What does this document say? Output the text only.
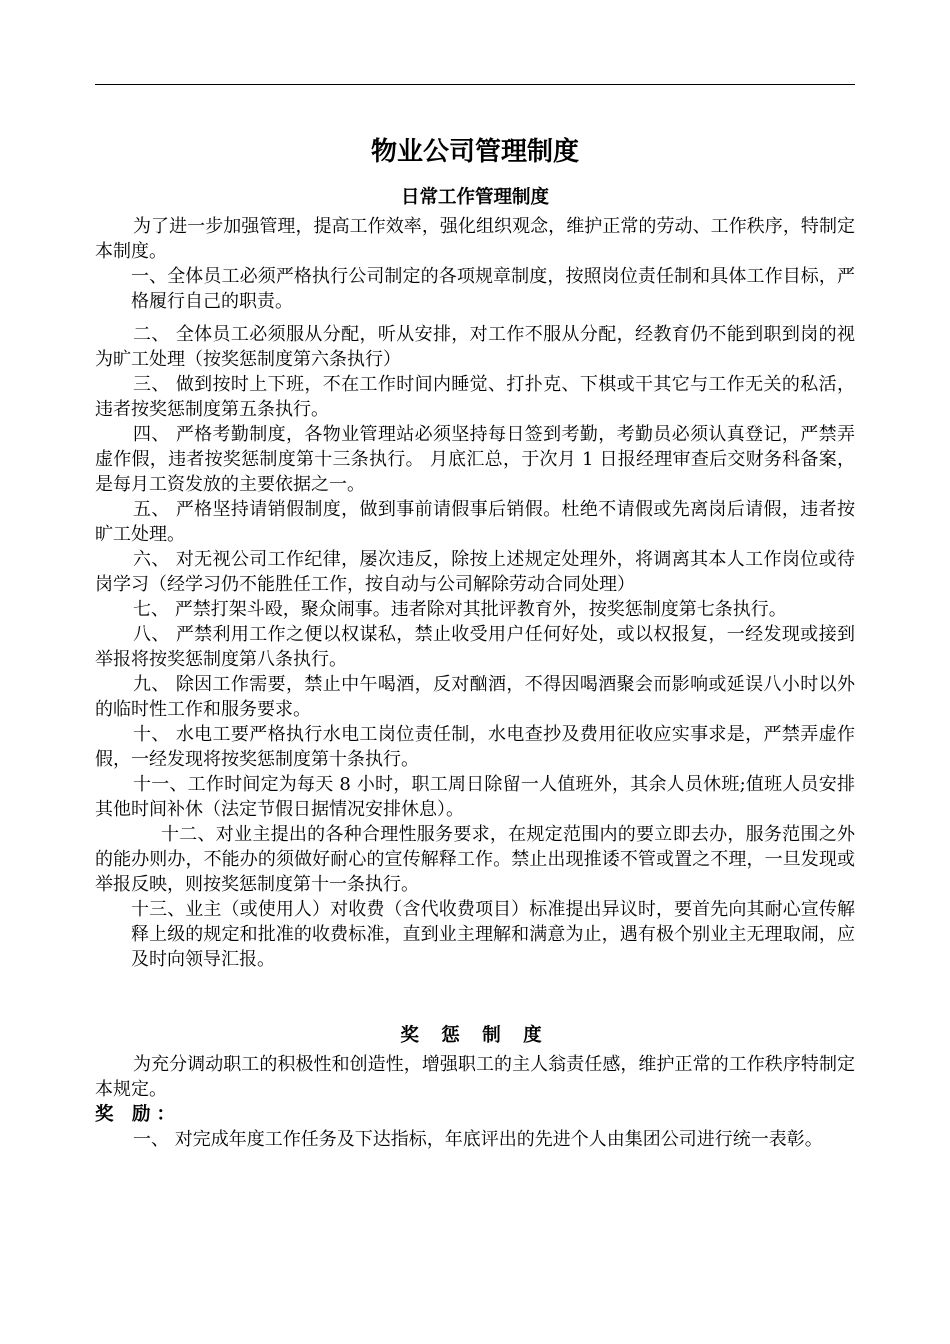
物业公司管理制度
日常工作管理制度

为了进一步加强管理，提高工作效率，强化组织观念，维护正常的劳动、工作秩序，特制定本制度。

一、全体员工必须严格执行公司制定的各项规章制度，按照岗位责任制和具体工作目标，严格履行自己的职责。

二、 全体员工必须服从分配，听从安排，对工作不服从分配，经教育仍不能到职到岗的视为旷工处理（按奖惩制度第六条执行）

三、 做到按时上下班，不在工作时间内睡觉、打扑克、下棋或干其它与工作无关的私活，违者按奖惩制度第五条执行。

四、 严格考勤制度，各物业管理站必须坚持每日签到考勤，考勤员必须认真登记，严禁弄虚作假，违者按奖惩制度第十三条执行。 月底汇总，于次月 1 日报经理审查后交财务科备案，是每月工资发放的主要依据之一。

五、 严格坚持请销假制度，做到事前请假事后销假。杜绝不请假或先离岗后请假，违者按旷工处理。

六、 对无视公司工作纪律，屡次违反，除按上述规定处理外，将调离其本人工作岗位或待岗学习（经学习仍不能胜任工作，按自动与公司解除劳动合同处理）

七、 严禁打架斗殴，聚众闹事。违者除对其批评教育外，按奖惩制度第七条执行。

八、 严禁利用工作之便以权谋私，禁止收受用户任何好处，或以权报复，一经发现或接到举报将按奖惩制度第八条执行。

九、 除因工作需要，禁止中午喝酒，反对酗酒，不得因喝酒聚会而影响或延误八小时以外的临时性工作和服务要求。

十、 水电工要严格执行水电工岗位责任制，水电查抄及费用征收应实事求是，严禁弄虚作假，一经发现将按奖惩制度第十条执行。

十一、工作时间定为每天 8 小时，职工周日除留一人值班外，其余人员休班;值班人员安排其他时间补休（法定节假日据情况安排休息）。

十二、对业主提出的各种合理性服务要求，在规定范围内的要立即去办，服务范围之外的能办则办，不能办的须做好耐心的宣传解释工作。禁止出现推诿不管或置之不理，一旦发现或举报反映，则按奖惩制度第十一条执行。

十三、业主（或使用人）对收费（含代收费项目）标准提出异议时，要首先向其耐心宣传解释上级的规定和批准的收费标准，直到业主理解和满意为止，遇有极个别业主无理取闹，应及时向领导汇报。

奖 惩 制 度

为充分调动职工的积极性和创造性，增强职工的主人翁责任感，维护正常的工作秩序特制定本规定。

奖 励：

一、 对完成年度工作任务及下达指标，年底评出的先进个人由集团公司进行统一表彰。
